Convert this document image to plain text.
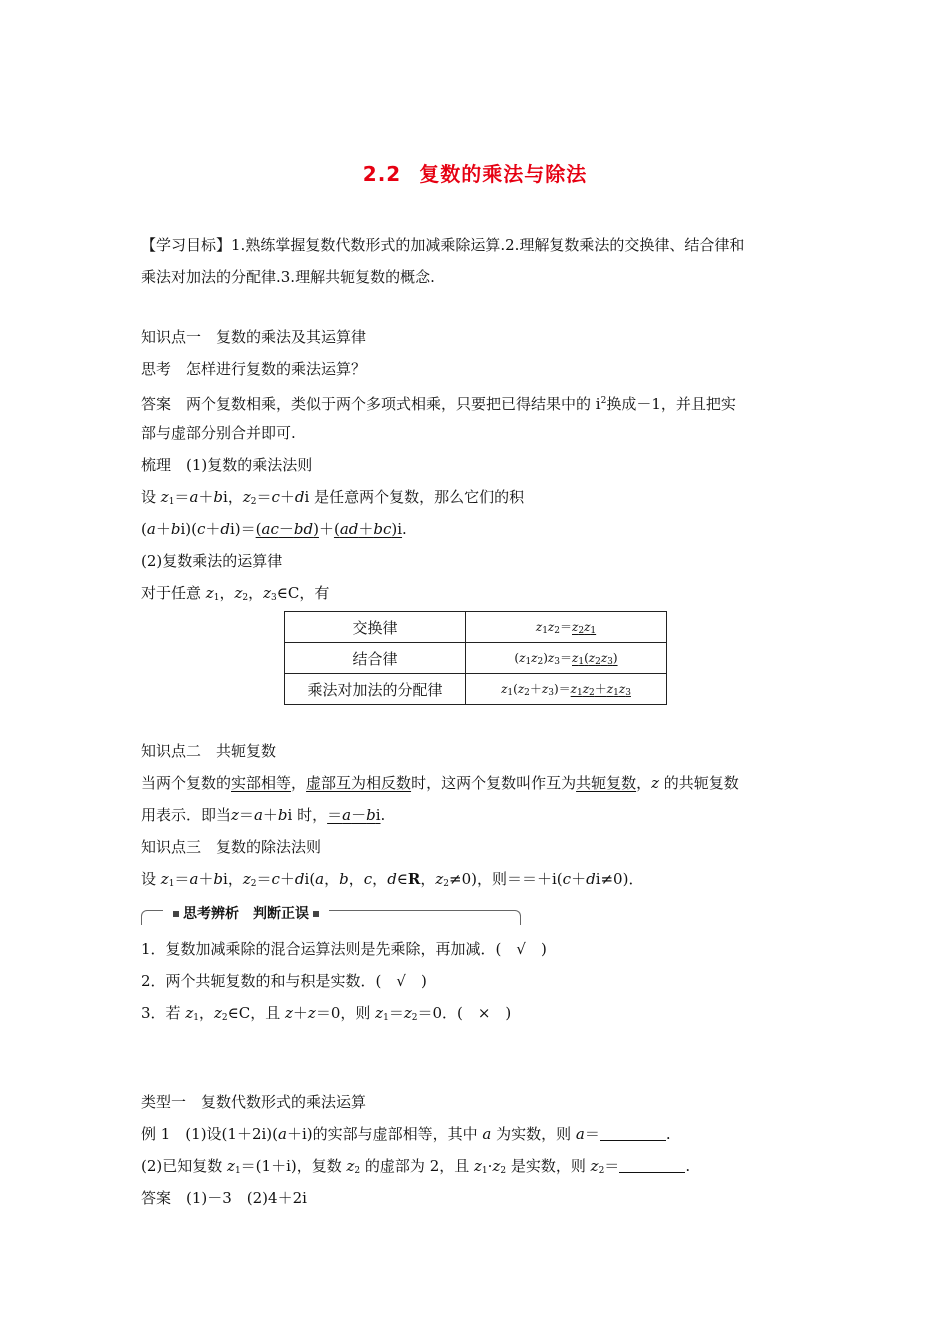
2.2 复数的乘法与除法
【学习目标】1.熟练掌握复数代数形式的加减乘除运算.2.理解复数乘法的交换律、结合律和
乘法对加法的分配律.3.理解共轭复数的概念.
知识点一　复数的乘法及其运算律
思考　怎样进行复数的乘法运算？
答案　两个复数相乘，类似于两个多项式相乘，只要把已得结果中的 $i^2$换成－1，并且把实
部与虚部分别合并即可.
梳理　(1)复数的乘法法则
设 $z_1=a+bi$，$z_2=c+di$ 是任意两个复数，那么它们的积
(a＋bi)(c＋di)＝(ac－bd)＋(ad＋bc)i.
(2)复数乘法的运算律
对于任意 $z_1$，$z_2$，$z_3\in C$，有
交换律	$z_1z_2=z_2z_1$
结合律	$(z_1z_2)z_3=z_1(z_2z_3)$
乘法对加法的分配律	$z_1(z_2+z_3)=z_1z_2+z_1z_3$
知识点二　共轭复数
当两个复数的实部相等，虚部互为相反数时，这两个复数叫作互为共轭复数，z 的共轭复数
用表示．即当z＝a＋bi 时，＝a－bi.
知识点三　复数的除法法则
设 $z_1=a+bi$，$z_2=c+di(a$，b，c，d∈R，$z_2\ne 0$)，则＝＝＋i(c＋di≠0)．
思考辨析　 判断正误
1．复数加减乘除的混合运算法则是先乘除，再加减．(　√　)
2．两个共轭复数的和与积是实数．(　√　)
3．若 $z_1$，$z_2\in C$，且 z＋z＝0，则 $z_1=z_2=0$．(　×　)
类型一　复数代数形式的乘法运算
例 1　(1)设(1＋2i)(a＋i)的实部与虚部相等，其中 a 为实数，则 a＝	.
(2)已知复数 $z_1=(1+i)$，复数 $z_2$ 的虚部为 2，且 $z_1\cdot z_2$ 是实数，则 $z_2=$	.
答案　(1)－3　(2)4＋2i
